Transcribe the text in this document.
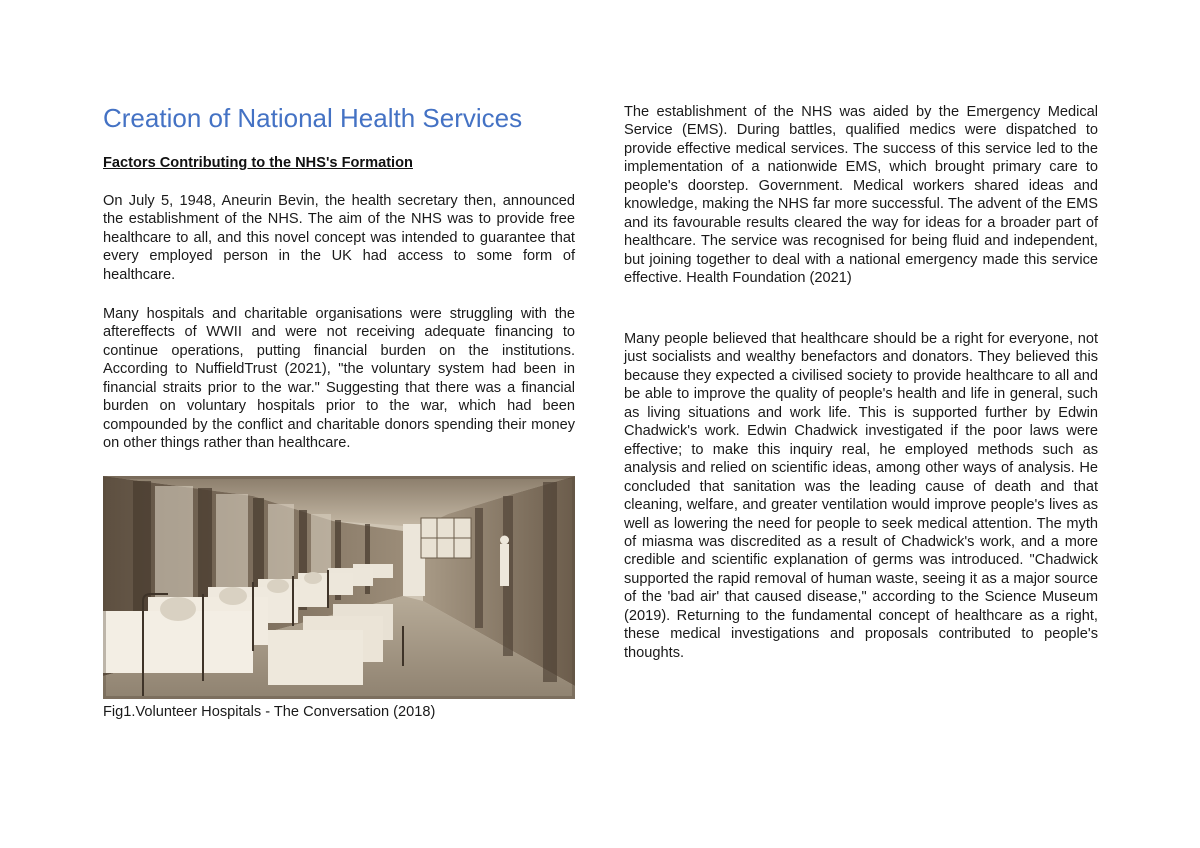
Creation of National Health Services
Factors Contributing to the NHS's Formation

On July 5, 1948, Aneurin Bevin, the health secretary then, announced the establishment of the NHS. The aim of the NHS was to provide free healthcare to all, and this novel concept was intended to guarantee that every employed person in the UK had access to some form of healthcare.

Many hospitals and charitable organisations were struggling with the aftereffects of WWII and were not receiving adequate financing to continue operations, putting financial burden on the institutions. According to NuffieldTrust (2021), "the voluntary system had been in financial straits prior to the war." Suggesting that there was a financial burden on voluntary hospitals prior to the war, which had been compounded by the conflict and charitable donors spending their money on other things rather than healthcare.

Fig1.Volunteer Hospitals - The Conversation (2018)

The establishment of the NHS was aided by the Emergency Medical Service (EMS). During battles, qualified medics were dispatched to provide effective medical services. The success of this service led to the implementation of a nationwide EMS, which brought primary care to people's doorstep. Government. Medical workers shared ideas and knowledge, making the NHS far more successful. The advent of the EMS and its favourable results cleared the way for ideas for a broader part of healthcare. The service was recognised for being fluid and independent, but joining together to deal with a national emergency made this service effective. Health Foundation (2021)

Many people believed that healthcare should be a right for everyone, not just socialists and wealthy benefactors and donators. They believed this because they expected a civilised society to provide healthcare to all and be able to improve the quality of people's health and life in general, such as living situations and work life. This is supported further by Edwin Chadwick's work. Edwin Chadwick investigated if the poor laws were effective; to make this inquiry real, he employed methods such as analysis and relied on scientific ideas, among other ways of analysis. He concluded that sanitation was the leading cause of death and that cleaning, welfare, and greater ventilation would improve people's lives as well as lowering the need for people to seek medical attention. The myth of miasma was discredited as a result of Chadwick's work, and a more credible and scientific explanation of germs was introduced. "Chadwick supported the rapid removal of human waste, seeing it as a major source of the 'bad air' that caused disease," according to the Science Museum (2019). Returning to the fundamental concept of healthcare as a right, these medical investigations and proposals contributed to people's thoughts.
